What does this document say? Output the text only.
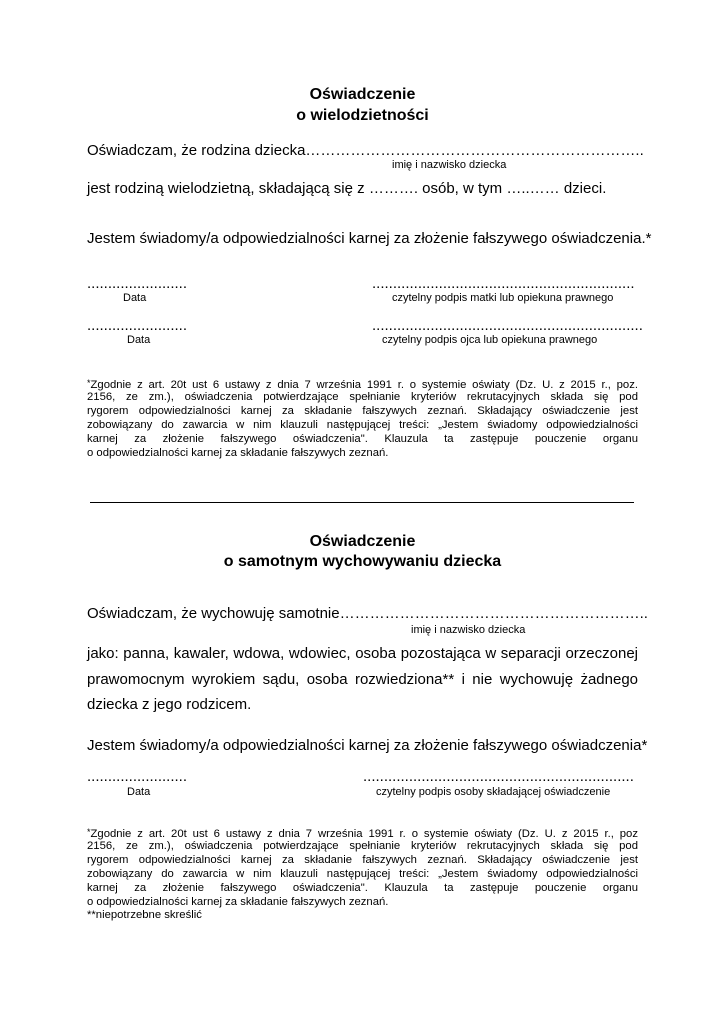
Oświadczenie
o wielodzietności
Oświadczam, że rodzina dziecka…………………………………………………………..
imię i nazwisko dziecka
jest rodziną wielodzietną, składającą się z ………. osób, w tym …..…… dzieci.
Jestem świadomy/a odpowiedzialności karnej za złożenie fałszywego oświadczenia.*
........................
Data
...............................................................
czytelny podpis matki lub opiekuna prawnego
........................
Data
.................................................................
czytelny podpis ojca lub opiekuna prawnego
*Zgodnie z art. 20t ust 6 ustawy z dnia 7 września 1991 r. o systemie oświaty (Dz. U. z 2015 r., poz.
2156, ze zm.), oświadczenia potwierdzające spełnianie kryteriów rekrutacyjnych składa się pod
rygorem odpowiedzialności karnej za składanie fałszywych zeznań. Składający oświadczenie jest
zobowiązany do zawarcia w nim klauzuli następującej treści: „Jestem świadomy odpowiedzialności
karnej za złożenie fałszywego oświadczenia". Klauzula ta zastępuje pouczenie organu
o odpowiedzialności karnej za składanie fałszywych zeznań.
Oświadczenie
o samotnym wychowywaniu dziecka
Oświadczam, że wychowuję samotnie……………………………………………………..
imię i nazwisko dziecka
jako: panna, kawaler, wdowa, wdowiec, osoba pozostająca w separacji orzeczonej
prawomocnym wyrokiem sądu, osoba rozwiedziona** i nie wychowuję żadnego
dziecka z jego rodzicem.
Jestem świadomy/a odpowiedzialności karnej za złożenie fałszywego oświadczenia*
........................
Data
.................................................................
czytelny podpis osoby składającej oświadczenie
*Zgodnie z art. 20t ust 6 ustawy z dnia 7 września 1991 r. o systemie oświaty (Dz. U. z 2015 r., poz
2156, ze zm.), oświadczenia potwierdzające spełnianie kryteriów rekrutacyjnych składa się pod
rygorem odpowiedzialności karnej za składanie fałszywych zeznań. Składający oświadczenie jest
zobowiązany do zawarcia w nim klauzuli następującej treści: „Jestem świadomy odpowiedzialności
karnej za złożenie fałszywego oświadczenia". Klauzula ta zastępuje pouczenie organu
o odpowiedzialności karnej za składanie fałszywych zeznań.
**niepotrzebne skreślić
